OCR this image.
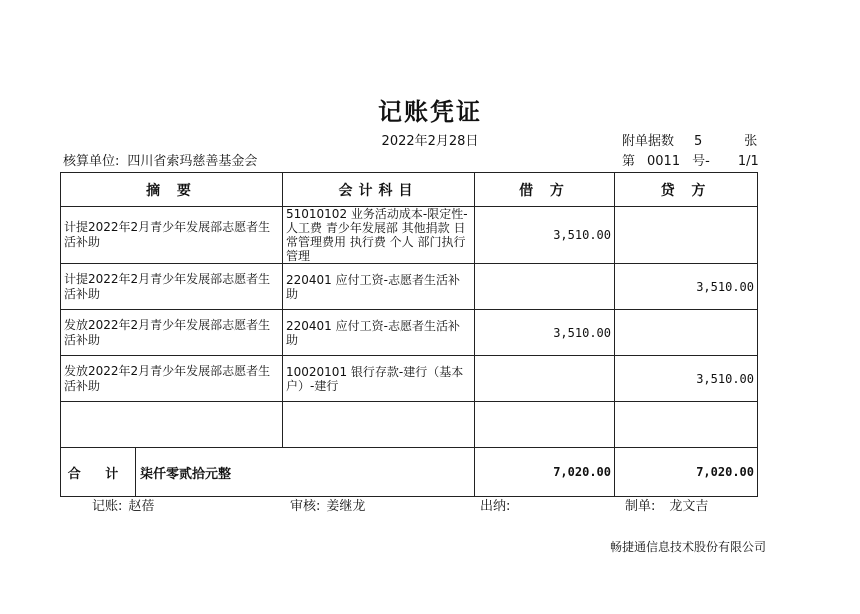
记账凭证
2022年2月28日	附单据数 5	张
核算单位: 四川省索玛慈善基金会	第 0011 号- 1/1
摘 要	会计科目	借 方	贷 方
计提2022年2月青少年发展部志愿者生活补助	51010102 业务活动成本-限定性-人工费 青少年发展部 其他捐款 日常管理费用 执行费 个人 部门执行管理	3,510.00	
计提2022年2月青少年发展部志愿者生活补助	220401 应付工资-志愿者生活补助		3,510.00
发放2022年2月青少年发展部志愿者生活补助	220401 应付工资-志愿者生活补助	3,510.00	
发放2022年2月青少年发展部志愿者生活补助	10020101 银行存款-建行（基本户）-建行		3,510.00

合 计 柒仟零贰拾元整		7,020.00	7,020.00
记账: 赵蓓	审核: 姜继龙	出纳:	制单: 龙文吉
畅捷通信息技术股份有限公司
